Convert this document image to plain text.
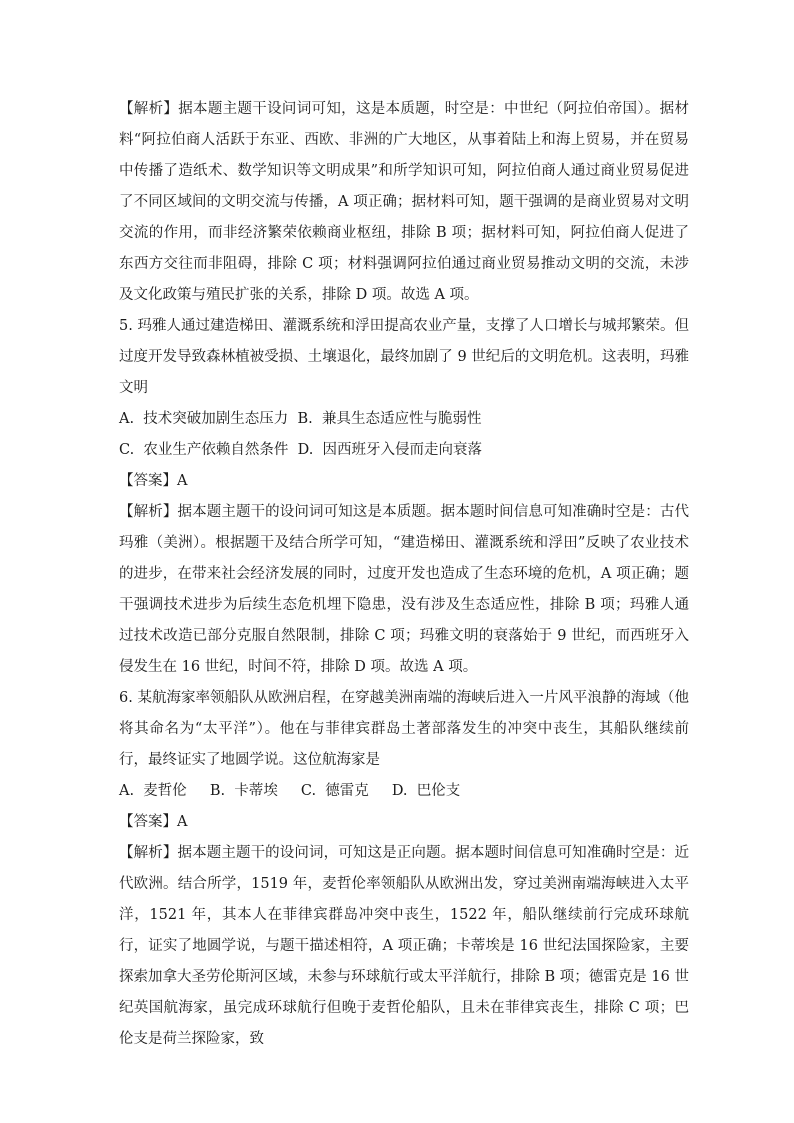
【解析】据本题主题干设问词可知，这是本质题，时空是：中世纪（阿拉伯帝国）。据材料“阿拉伯商人活跃于东亚、西欧、非洲的广大地区，从事着陆上和海上贸易，并在贸易中传播了造纸术、数学知识等文明成果”和所学知识可知，阿拉伯商人通过商业贸易促进了不同区域间的文明交流与传播，A 项正确；据材料可知，题干强调的是商业贸易对文明交流的作用，而非经济繁荣依赖商业枢纽，排除 B 项；据材料可知，阿拉伯商人促进了东西方交往而非阻碍，排除 C 项；材料强调阿拉伯通过商业贸易推动文明的交流，未涉及文化政策与殖民扩张的关系，排除 D 项。故选 A 项。

5. 玛雅人通过建造梯田、灌溉系统和浮田提高农业产量，支撑了人口增长与城邦繁荣。但过度开发导致森林植被受损、土壤退化，最终加剧了 9 世纪后的文明危机。这表明，玛雅文明

A.  技术突破加剧生态压力  B.  兼具生态适应性与脆弱性

C.  农业生产依赖自然条件  D.  因西班牙入侵而走向衰落

【答案】A

【解析】据本题主题干的设问词可知这是本质题。据本题时间信息可知准确时空是：古代玛雅（美洲）。根据题干及结合所学可知，“建造梯田、灌溉系统和浮田”反映了农业技术的进步，在带来社会经济发展的同时，过度开发也造成了生态环境的危机，A 项正确；题干强调技术进步为后续生态危机埋下隐患，没有涉及生态适应性，排除 B 项；玛雅人通过技术改造已部分克服自然限制，排除 C 项；玛雅文明的衰落始于 9 世纪，而西班牙入侵发生在 16 世纪，时间不符，排除 D 项。故选 A 项。

6. 某航海家率领船队从欧洲启程，在穿越美洲南端的海峡后进入一片风平浪静的海域（他将其命名为“太平洋”）。他在与菲律宾群岛土著部落发生的冲突中丧生，其船队继续前行，最终证实了地圆学说。这位航海家是

A.  麦哲伦     B.  卡蒂埃     C.  德雷克     D.  巴伦支

【答案】A

【解析】据本题主题干的设问词，可知这是正向题。据本题时间信息可知准确时空是：近代欧洲。结合所学，1519 年，麦哲伦率领船队从欧洲出发，穿过美洲南端海峡进入太平洋，1521 年，其本人在菲律宾群岛冲突中丧生，1522 年，船队继续前行完成环球航行，证实了地圆学说，与题干描述相符，A 项正确；卡蒂埃是 16 世纪法国探险家，主要探索加拿大圣劳伦斯河区域，未参与环球航行或太平洋航行，排除 B 项；德雷克是 16 世纪英国航海家，虽完成环球航行但晚于麦哲伦船队，且未在菲律宾丧生，排除 C 项；巴伦支是荷兰探险家，致
